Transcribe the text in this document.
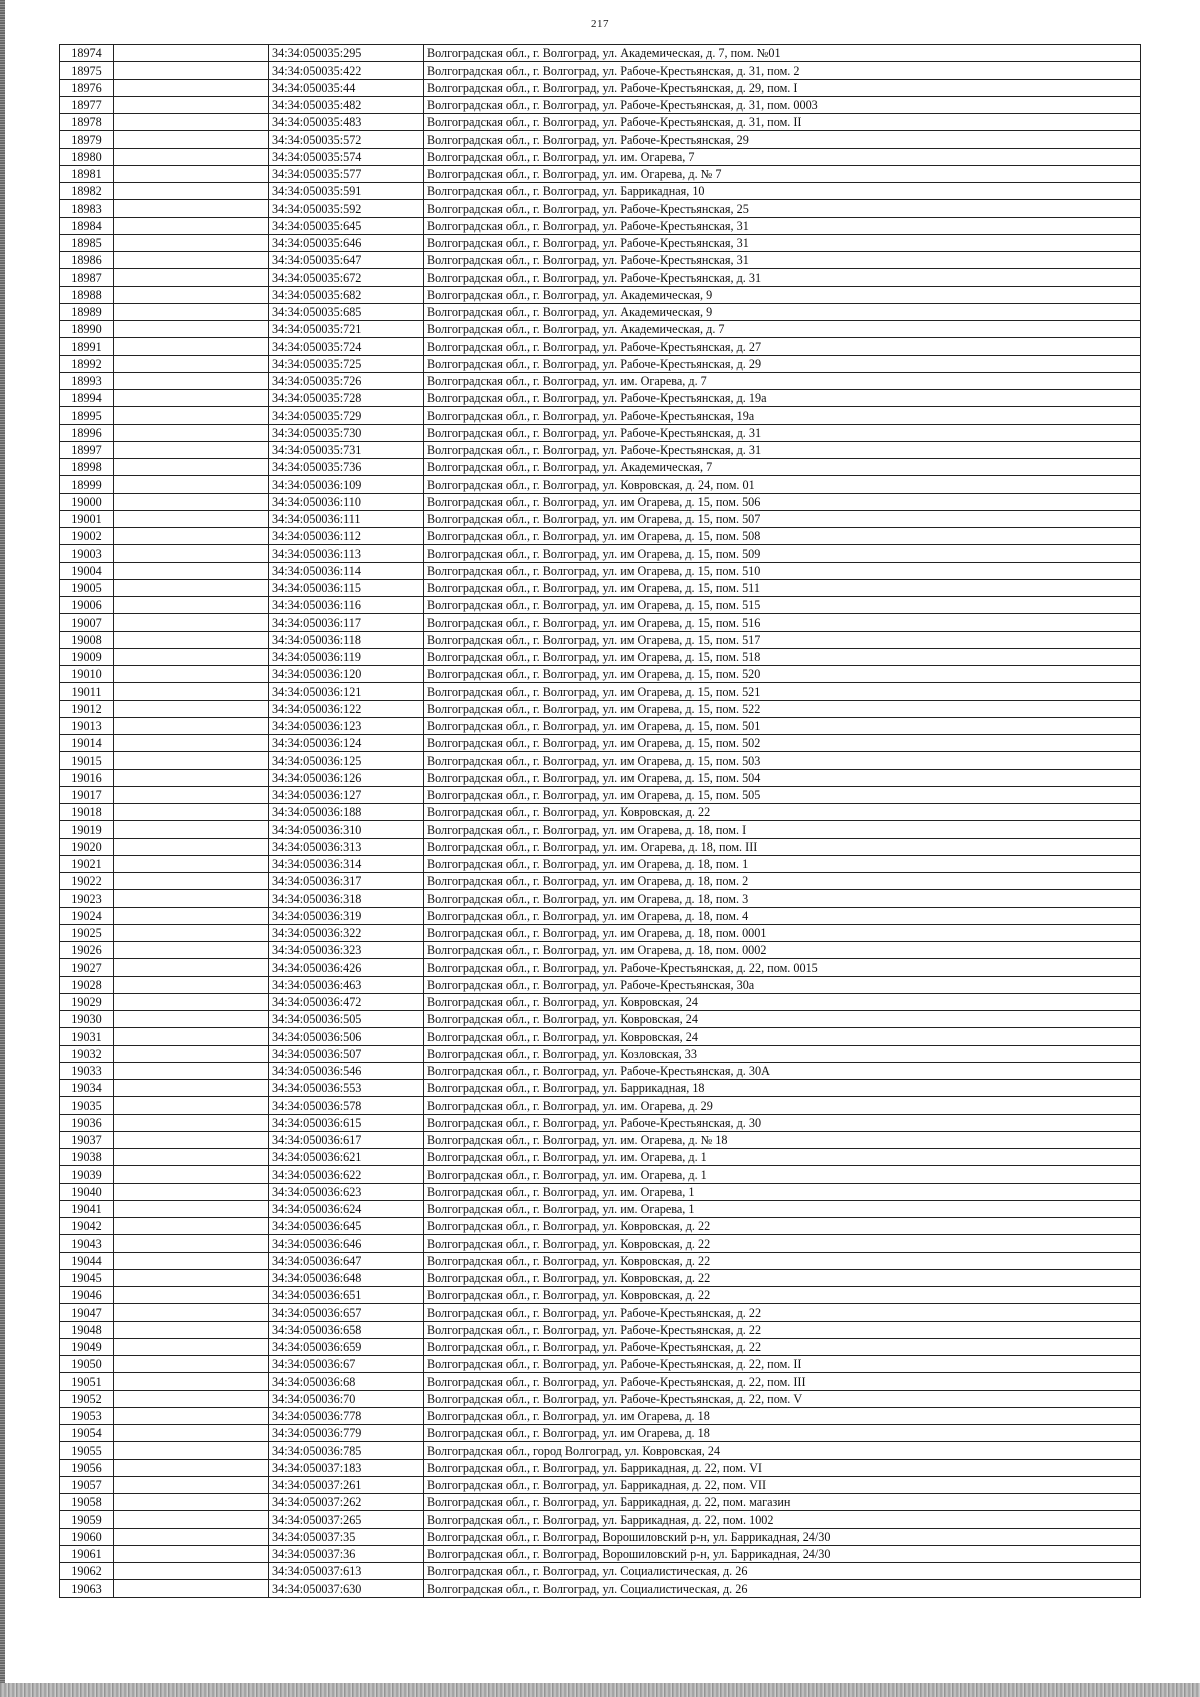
217
18974		34:34:050035:295	Волгоградская обл., г. Волгоград, ул. Академическая, д. 7, пом. №01
18975		34:34:050035:422	Волгоградская обл., г. Волгоград, ул. Рабоче-Крестьянская, д. 31, пом. 2
18976		34:34:050035:44	Волгоградская обл., г. Волгоград, ул. Рабоче-Крестьянская, д. 29, пом. I
18977		34:34:050035:482	Волгоградская обл., г. Волгоград, ул. Рабоче-Крестьянская, д. 31, пом. 0003
18978		34:34:050035:483	Волгоградская обл., г. Волгоград, ул. Рабоче-Крестьянская, д. 31, пом. II
18979		34:34:050035:572	Волгоградская обл., г. Волгоград, ул. Рабоче-Крестьянская, 29
18980		34:34:050035:574	Волгоградская обл., г. Волгоград, ул. им. Огарева, 7
18981		34:34:050035:577	Волгоградская обл., г. Волгоград, ул. им. Огарева, д. № 7
18982		34:34:050035:591	Волгоградская обл., г. Волгоград, ул. Баррикадная, 10
18983		34:34:050035:592	Волгоградская обл., г. Волгоград, ул. Рабоче-Крестьянская, 25
18984		34:34:050035:645	Волгоградская обл., г. Волгоград, ул. Рабоче-Крестьянская, 31
18985		34:34:050035:646	Волгоградская обл., г. Волгоград, ул. Рабоче-Крестьянская, 31
18986		34:34:050035:647	Волгоградская обл., г. Волгоград, ул. Рабоче-Крестьянская, 31
18987		34:34:050035:672	Волгоградская обл., г. Волгоград, ул. Рабоче-Крестьянская, д. 31
18988		34:34:050035:682	Волгоградская обл., г. Волгоград, ул. Академическая, 9
18989		34:34:050035:685	Волгоградская обл., г. Волгоград, ул. Академическая, 9
18990		34:34:050035:721	Волгоградская обл., г. Волгоград, ул. Академическая, д. 7
18991		34:34:050035:724	Волгоградская обл., г. Волгоград, ул. Рабоче-Крестьянская, д. 27
18992		34:34:050035:725	Волгоградская обл., г. Волгоград, ул. Рабоче-Крестьянская, д. 29
18993		34:34:050035:726	Волгоградская обл., г. Волгоград, ул. им. Огарева, д. 7
18994		34:34:050035:728	Волгоградская обл., г. Волгоград, ул. Рабоче-Крестьянская, д. 19а
18995		34:34:050035:729	Волгоградская обл., г. Волгоград, ул. Рабоче-Крестьянская, 19а
18996		34:34:050035:730	Волгоградская обл., г. Волгоград, ул. Рабоче-Крестьянская, д. 31
18997		34:34:050035:731	Волгоградская обл., г. Волгоград, ул. Рабоче-Крестьянская, д. 31
18998		34:34:050035:736	Волгоградская обл., г. Волгоград, ул. Академическая, 7
18999		34:34:050036:109	Волгоградская обл., г. Волгоград, ул. Ковровская, д. 24, пом. 01
19000		34:34:050036:110	Волгоградская обл., г. Волгоград, ул. им Огарева, д. 15, пом. 506
19001		34:34:050036:111	Волгоградская обл., г. Волгоград, ул. им Огарева, д. 15, пом. 507
19002		34:34:050036:112	Волгоградская обл., г. Волгоград, ул. им Огарева, д. 15, пом. 508
19003		34:34:050036:113	Волгоградская обл., г. Волгоград, ул. им Огарева, д. 15, пом. 509
19004		34:34:050036:114	Волгоградская обл., г. Волгоград, ул. им Огарева, д. 15, пом. 510
19005		34:34:050036:115	Волгоградская обл., г. Волгоград, ул. им Огарева, д. 15, пом. 511
19006		34:34:050036:116	Волгоградская обл., г. Волгоград, ул. им Огарева, д. 15, пом. 515
19007		34:34:050036:117	Волгоградская обл., г. Волгоград, ул. им Огарева, д. 15, пом. 516
19008		34:34:050036:118	Волгоградская обл., г. Волгоград, ул. им Огарева, д. 15, пом. 517
19009		34:34:050036:119	Волгоградская обл., г. Волгоград, ул. им Огарева, д. 15, пом. 518
19010		34:34:050036:120	Волгоградская обл., г. Волгоград, ул. им Огарева, д. 15, пом. 520
19011		34:34:050036:121	Волгоградская обл., г. Волгоград, ул. им Огарева, д. 15, пом. 521
19012		34:34:050036:122	Волгоградская обл., г. Волгоград, ул. им Огарева, д. 15, пом. 522
19013		34:34:050036:123	Волгоградская обл., г. Волгоград, ул. им Огарева, д. 15, пом. 501
19014		34:34:050036:124	Волгоградская обл., г. Волгоград, ул. им Огарева, д. 15, пом. 502
19015		34:34:050036:125	Волгоградская обл., г. Волгоград, ул. им Огарева, д. 15, пом. 503
19016		34:34:050036:126	Волгоградская обл., г. Волгоград, ул. им Огарева, д. 15, пом. 504
19017		34:34:050036:127	Волгоградская обл., г. Волгоград, ул. им Огарева, д. 15, пом. 505
19018		34:34:050036:188	Волгоградская обл., г. Волгоград, ул. Ковровская, д. 22
19019		34:34:050036:310	Волгоградская обл., г. Волгоград, ул. им Огарева, д. 18, пом. I
19020		34:34:050036:313	Волгоградская обл., г. Волгоград, ул. им. Огарева, д. 18, пом. III
19021		34:34:050036:314	Волгоградская обл., г. Волгоград, ул. им Огарева, д. 18, пом. 1
19022		34:34:050036:317	Волгоградская обл., г. Волгоград, ул. им Огарева, д. 18, пом. 2
19023		34:34:050036:318	Волгоградская обл., г. Волгоград, ул. им Огарева, д. 18, пом. 3
19024		34:34:050036:319	Волгоградская обл., г. Волгоград, ул. им Огарева, д. 18, пом. 4
19025		34:34:050036:322	Волгоградская обл., г. Волгоград, ул. им Огарева, д. 18, пом. 0001
19026		34:34:050036:323	Волгоградская обл., г. Волгоград, ул. им Огарева, д. 18, пом. 0002
19027		34:34:050036:426	Волгоградская обл., г. Волгоград, ул. Рабоче-Крестьянская, д. 22, пом. 0015
19028		34:34:050036:463	Волгоградская обл., г. Волгоград, ул. Рабоче-Крестьянская, 30а
19029		34:34:050036:472	Волгоградская обл., г. Волгоград, ул. Ковровская, 24
19030		34:34:050036:505	Волгоградская обл., г. Волгоград, ул. Ковровская, 24
19031		34:34:050036:506	Волгоградская обл., г. Волгоград, ул. Ковровская, 24
19032		34:34:050036:507	Волгоградская обл., г. Волгоград, ул. Козловская, 33
19033		34:34:050036:546	Волгоградская обл., г. Волгоград, ул. Рабоче-Крестьянская, д. 30А
19034		34:34:050036:553	Волгоградская обл., г. Волгоград, ул. Баррикадная, 18
19035		34:34:050036:578	Волгоградская обл., г. Волгоград, ул. им. Огарева, д. 29
19036		34:34:050036:615	Волгоградская обл., г. Волгоград, ул. Рабоче-Крестьянская, д. 30
19037		34:34:050036:617	Волгоградская обл., г. Волгоград, ул. им. Огарева, д. № 18
19038		34:34:050036:621	Волгоградская обл., г. Волгоград, ул. им. Огарева, д. 1
19039		34:34:050036:622	Волгоградская обл., г. Волгоград, ул. им. Огарева, д. 1
19040		34:34:050036:623	Волгоградская обл., г. Волгоград, ул. им. Огарева, 1
19041		34:34:050036:624	Волгоградская обл., г. Волгоград, ул. им. Огарева, 1
19042		34:34:050036:645	Волгоградская обл., г. Волгоград, ул. Ковровская, д. 22
19043		34:34:050036:646	Волгоградская обл., г. Волгоград, ул. Ковровская, д. 22
19044		34:34:050036:647	Волгоградская обл., г. Волгоград, ул. Ковровская, д. 22
19045		34:34:050036:648	Волгоградская обл., г. Волгоград, ул. Ковровская, д. 22
19046		34:34:050036:651	Волгоградская обл., г. Волгоград, ул. Ковровская, д. 22
19047		34:34:050036:657	Волгоградская обл., г. Волгоград, ул. Рабоче-Крестьянская, д. 22
19048		34:34:050036:658	Волгоградская обл., г. Волгоград, ул. Рабоче-Крестьянская, д. 22
19049		34:34:050036:659	Волгоградская обл., г. Волгоград, ул. Рабоче-Крестьянская, д. 22
19050		34:34:050036:67	Волгоградская обл., г. Волгоград, ул. Рабоче-Крестьянская, д. 22, пом. II
19051		34:34:050036:68	Волгоградская обл., г. Волгоград, ул. Рабоче-Крестьянская, д. 22, пом. III
19052		34:34:050036:70	Волгоградская обл., г. Волгоград, ул. Рабоче-Крестьянская, д. 22, пом. V
19053		34:34:050036:778	Волгоградская обл., г. Волгоград, ул. им Огарева, д. 18
19054		34:34:050036:779	Волгоградская обл., г. Волгоград, ул. им Огарева, д. 18
19055		34:34:050036:785	Волгоградская обл., город Волгоград, ул. Ковровская, 24
19056		34:34:050037:183	Волгоградская обл., г. Волгоград, ул. Баррикадная, д. 22, пом. VI
19057		34:34:050037:261	Волгоградская обл., г. Волгоград, ул. Баррикадная, д. 22, пом. VII
19058		34:34:050037:262	Волгоградская обл., г. Волгоград, ул. Баррикадная, д. 22, пом. магазин
19059		34:34:050037:265	Волгоградская обл., г. Волгоград, ул. Баррикадная, д. 22, пом. 1002
19060		34:34:050037:35	Волгоградская обл., г. Волгоград, Ворошиловский р-н, ул. Баррикадная, 24/30
19061		34:34:050037:36	Волгоградская обл., г. Волгоград, Ворошиловский р-н, ул. Баррикадная, 24/30
19062		34:34:050037:613	Волгоградская обл., г. Волгоград, ул. Социалистическая, д. 26
19063		34:34:050037:630	Волгоградская обл., г. Волгоград, ул. Социалистическая, д. 26
